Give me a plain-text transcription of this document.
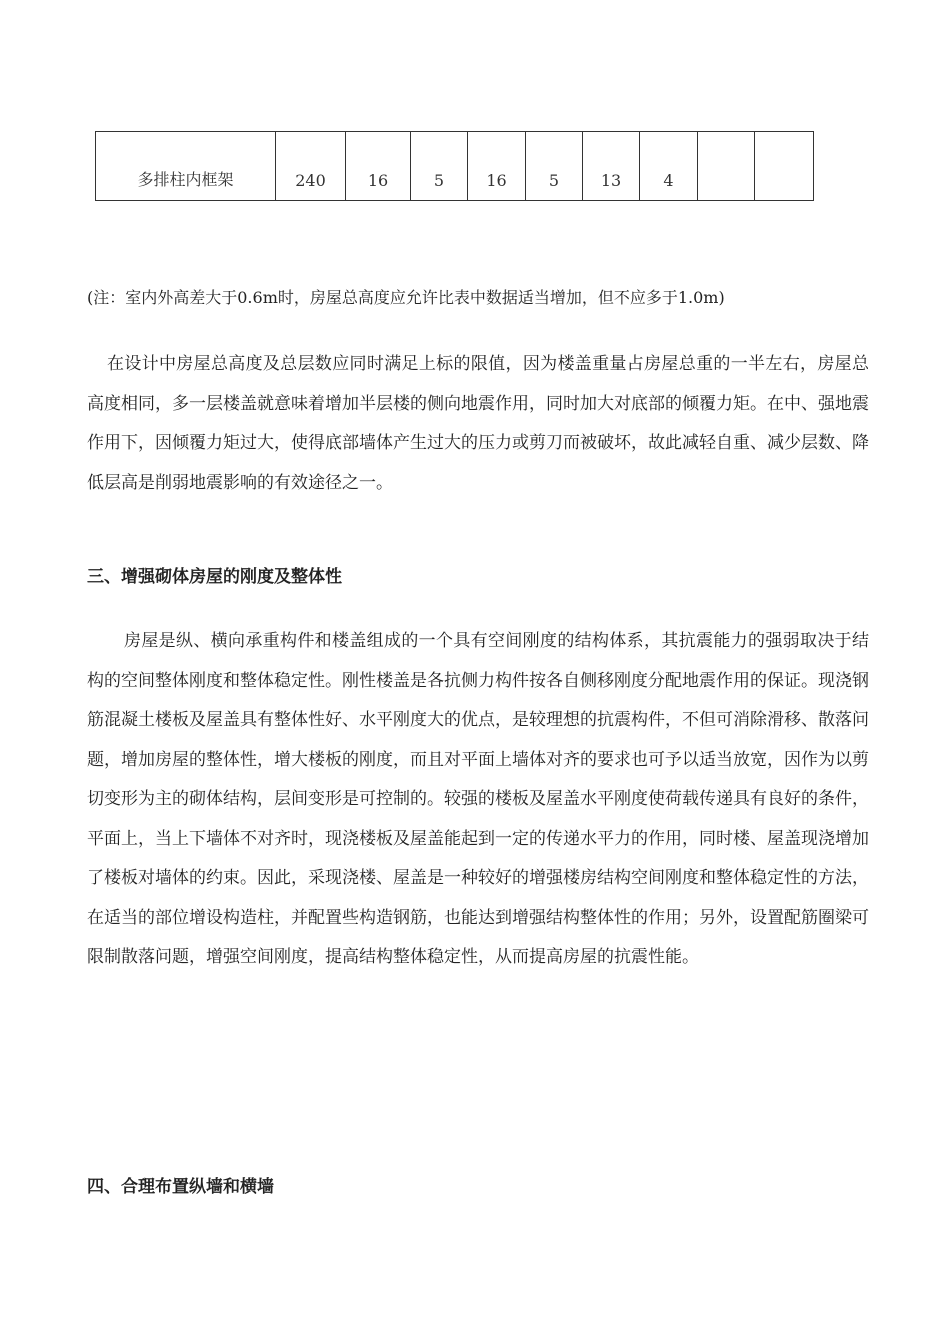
多排柱内框架	240	16	5	16	5	13	4		
(注：室内外高差大于0.6m时，房屋总高度应允许比表中数据适当增加，但不应多于1.0m)

在设计中房屋总高度及总层数应同时满足上标的限值，因为楼盖重量占房屋总重的一半左右，房屋总高度相同，多一层楼盖就意味着增加半层楼的侧向地震作用，同时加大对底部的倾覆力矩。在中、强地震作用下，因倾覆力矩过大，使得底部墙体产生过大的压力或剪刀而被破坏，故此减轻自重、减少层数、降低层高是削弱地震影响的有效途径之一。

三、增强砌体房屋的刚度及整体性

房屋是纵、横向承重构件和楼盖组成的一个具有空间刚度的结构体系，其抗震能力的强弱取决于结构的空间整体刚度和整体稳定性。刚性楼盖是各抗侧力构件按各自侧移刚度分配地震作用的保证。现浇钢筋混凝土楼板及屋盖具有整体性好、水平刚度大的优点，是较理想的抗震构件，不但可消除滑移、散落问题，增加房屋的整体性，增大楼板的刚度，而且对平面上墙体对齐的要求也可予以适当放宽，因作为以剪切变形为主的砌体结构，层间变形是可控制的。较强的楼板及屋盖水平刚度使荷载传递具有良好的条件，平面上，当上下墙体不对齐时，现浇楼板及屋盖能起到一定的传递水平力的作用，同时楼、屋盖现浇增加了楼板对墙体的约束。因此，采现浇楼、屋盖是一种较好的增强楼房结构空间刚度和整体稳定性的方法，在适当的部位增设构造柱，并配置些构造钢筋，也能达到增强结构整体性的作用；另外，设置配筋圈梁可限制散落问题，增强空间刚度，提高结构整体稳定性，从而提高房屋的抗震性能。

四、合理布置纵墙和横墙
